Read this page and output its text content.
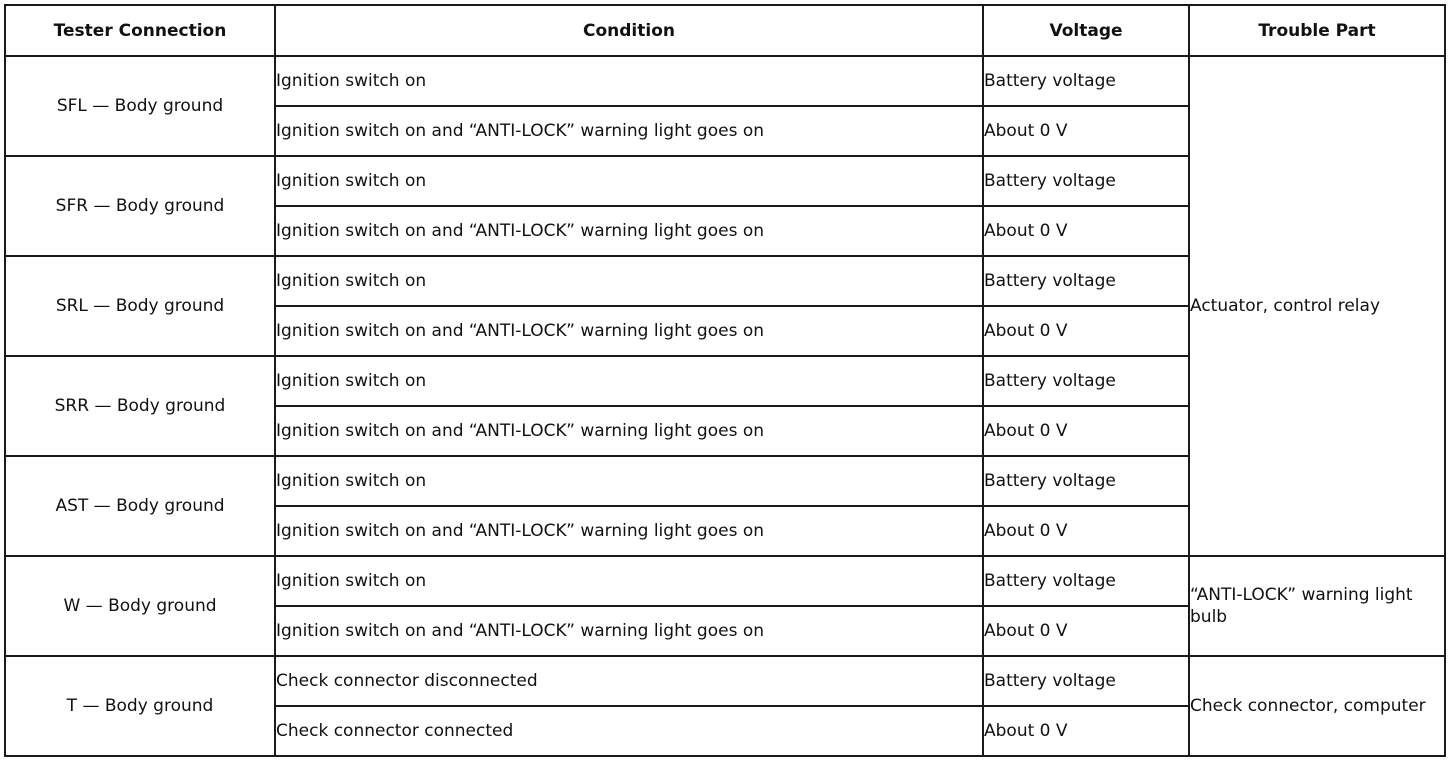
Tester Connection	Condition	Voltage	Trouble Part
SFL — Body ground	Ignition switch on	Battery voltage	Actuator, control relay
	Ignition switch on and “ANTI-LOCK” warning light goes on	About 0 V	
SFR — Body ground	Ignition switch on	Battery voltage	
	Ignition switch on and “ANTI-LOCK” warning light goes on	About 0 V	
SRL — Body ground	Ignition switch on	Battery voltage	
	Ignition switch on and “ANTI-LOCK” warning light goes on	About 0 V	
SRR — Body ground	Ignition switch on	Battery voltage	
	Ignition switch on and “ANTI-LOCK” warning light goes on	About 0 V	
AST — Body ground	Ignition switch on	Battery voltage	
	Ignition switch on and “ANTI-LOCK” warning light goes on	About 0 V	
W — Body ground	Ignition switch on	Battery voltage	“ANTI-LOCK” warning light bulb
	Ignition switch on and “ANTI-LOCK” warning light goes on	About 0 V	
T — Body ground	Check connector disconnected	Battery voltage	Check connector, computer
	Check connector connected	About 0 V	
